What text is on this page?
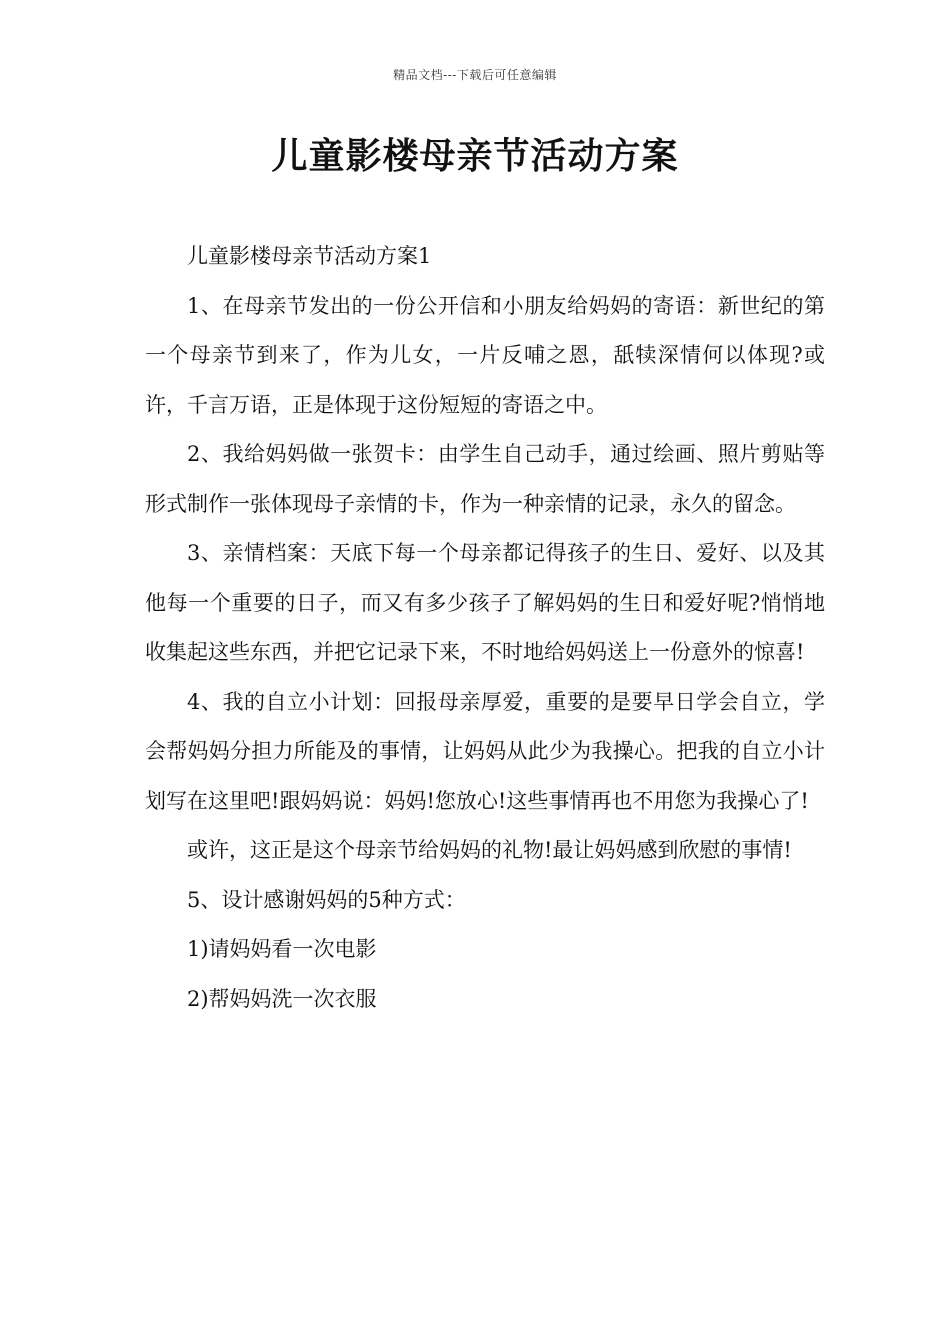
精品文档---下载后可任意编辑
儿童影楼母亲节活动方案

儿童影楼母亲节活动方案1

1、在母亲节发出的一份公开信和小朋友给妈妈的寄语：新世纪的第一个母亲节到来了，作为儿女，一片反哺之恩，舐犊深情何以体现?或许，千言万语，正是体现于这份短短的寄语之中。

2、我给妈妈做一张贺卡：由学生自己动手，通过绘画、照片剪贴等形式制作一张体现母子亲情的卡，作为一种亲情的记录，永久的留念。

3、亲情档案：天底下每一个母亲都记得孩子的生日、爱好、以及其他每一个重要的日子，而又有多少孩子了解妈妈的生日和爱好呢?悄悄地收集起这些东西，并把它记录下来，不时地给妈妈送上一份意外的惊喜!

4、我的自立小计划：回报母亲厚爱，重要的是要早日学会自立，学会帮妈妈分担力所能及的事情，让妈妈从此少为我操心。把我的自立小计划写在这里吧!跟妈妈说：妈妈!您放心!这些事情再也不用您为我操心了!

或许，这正是这个母亲节给妈妈的礼物!最让妈妈感到欣慰的事情!

5、设计感谢妈妈的5种方式：

1)请妈妈看一次电影

2)帮妈妈洗一次衣服
